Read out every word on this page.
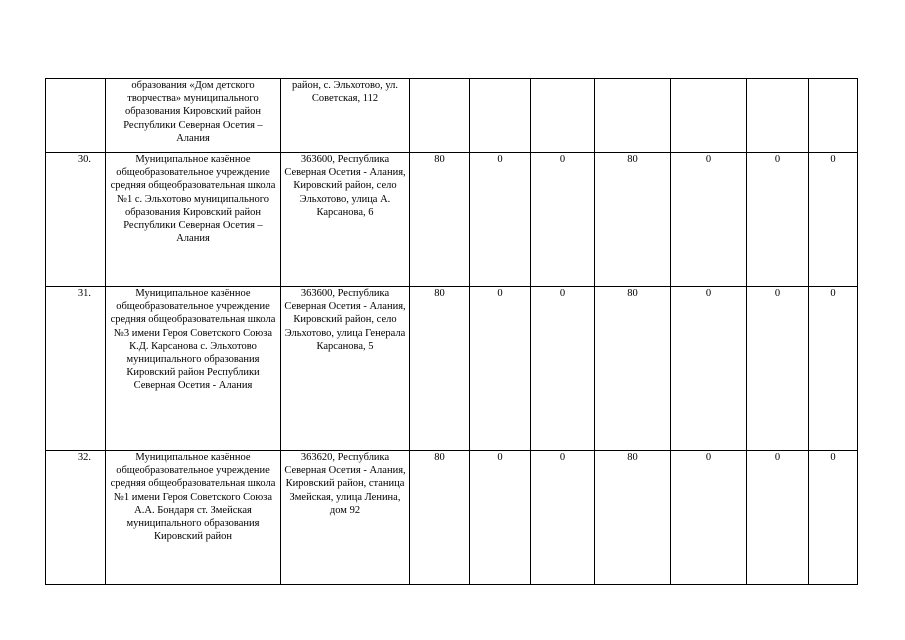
	образования «Дом детского творчества» муниципального образования Кировский район Республики Северная Осетия – Алания	район, с. Эльхотово, ул. Советская, 112							
30.	Муниципальное казённое общеобразовательное учреждение средняя общеобразовательная школа №1 с. Эльхотово муниципального образования Кировский район Республики Северная Осетия – Алания	363600, Республика Северная Осетия - Алания, Кировский район, село Эльхотово, улица А. Карсанова, 6	80	0	0	80	0	0	0
31.	Муниципальное казённое общеобразовательное учреждение средняя общеобразовательная школа №3 имени Героя Советского Союза К.Д. Карсанова с. Эльхотово муниципального образования Кировский район Республики Северная Осетия - Алания	363600, Республика Северная Осетия - Алания, Кировский район, село Эльхотово, улица Генерала Карсанова, 5	80	0	0	80	0	0	0
32.	Муниципальное казённое общеобразовательное учреждение средняя общеобразовательная школа №1 имени Героя Советского Союза А.А. Бондаря ст. Змейская муниципального образования Кировский район	363620, Республика Северная Осетия - Алания, Кировский район, станица Змейская, улица Ленина, дом 92	80	0	0	80	0	0	0
